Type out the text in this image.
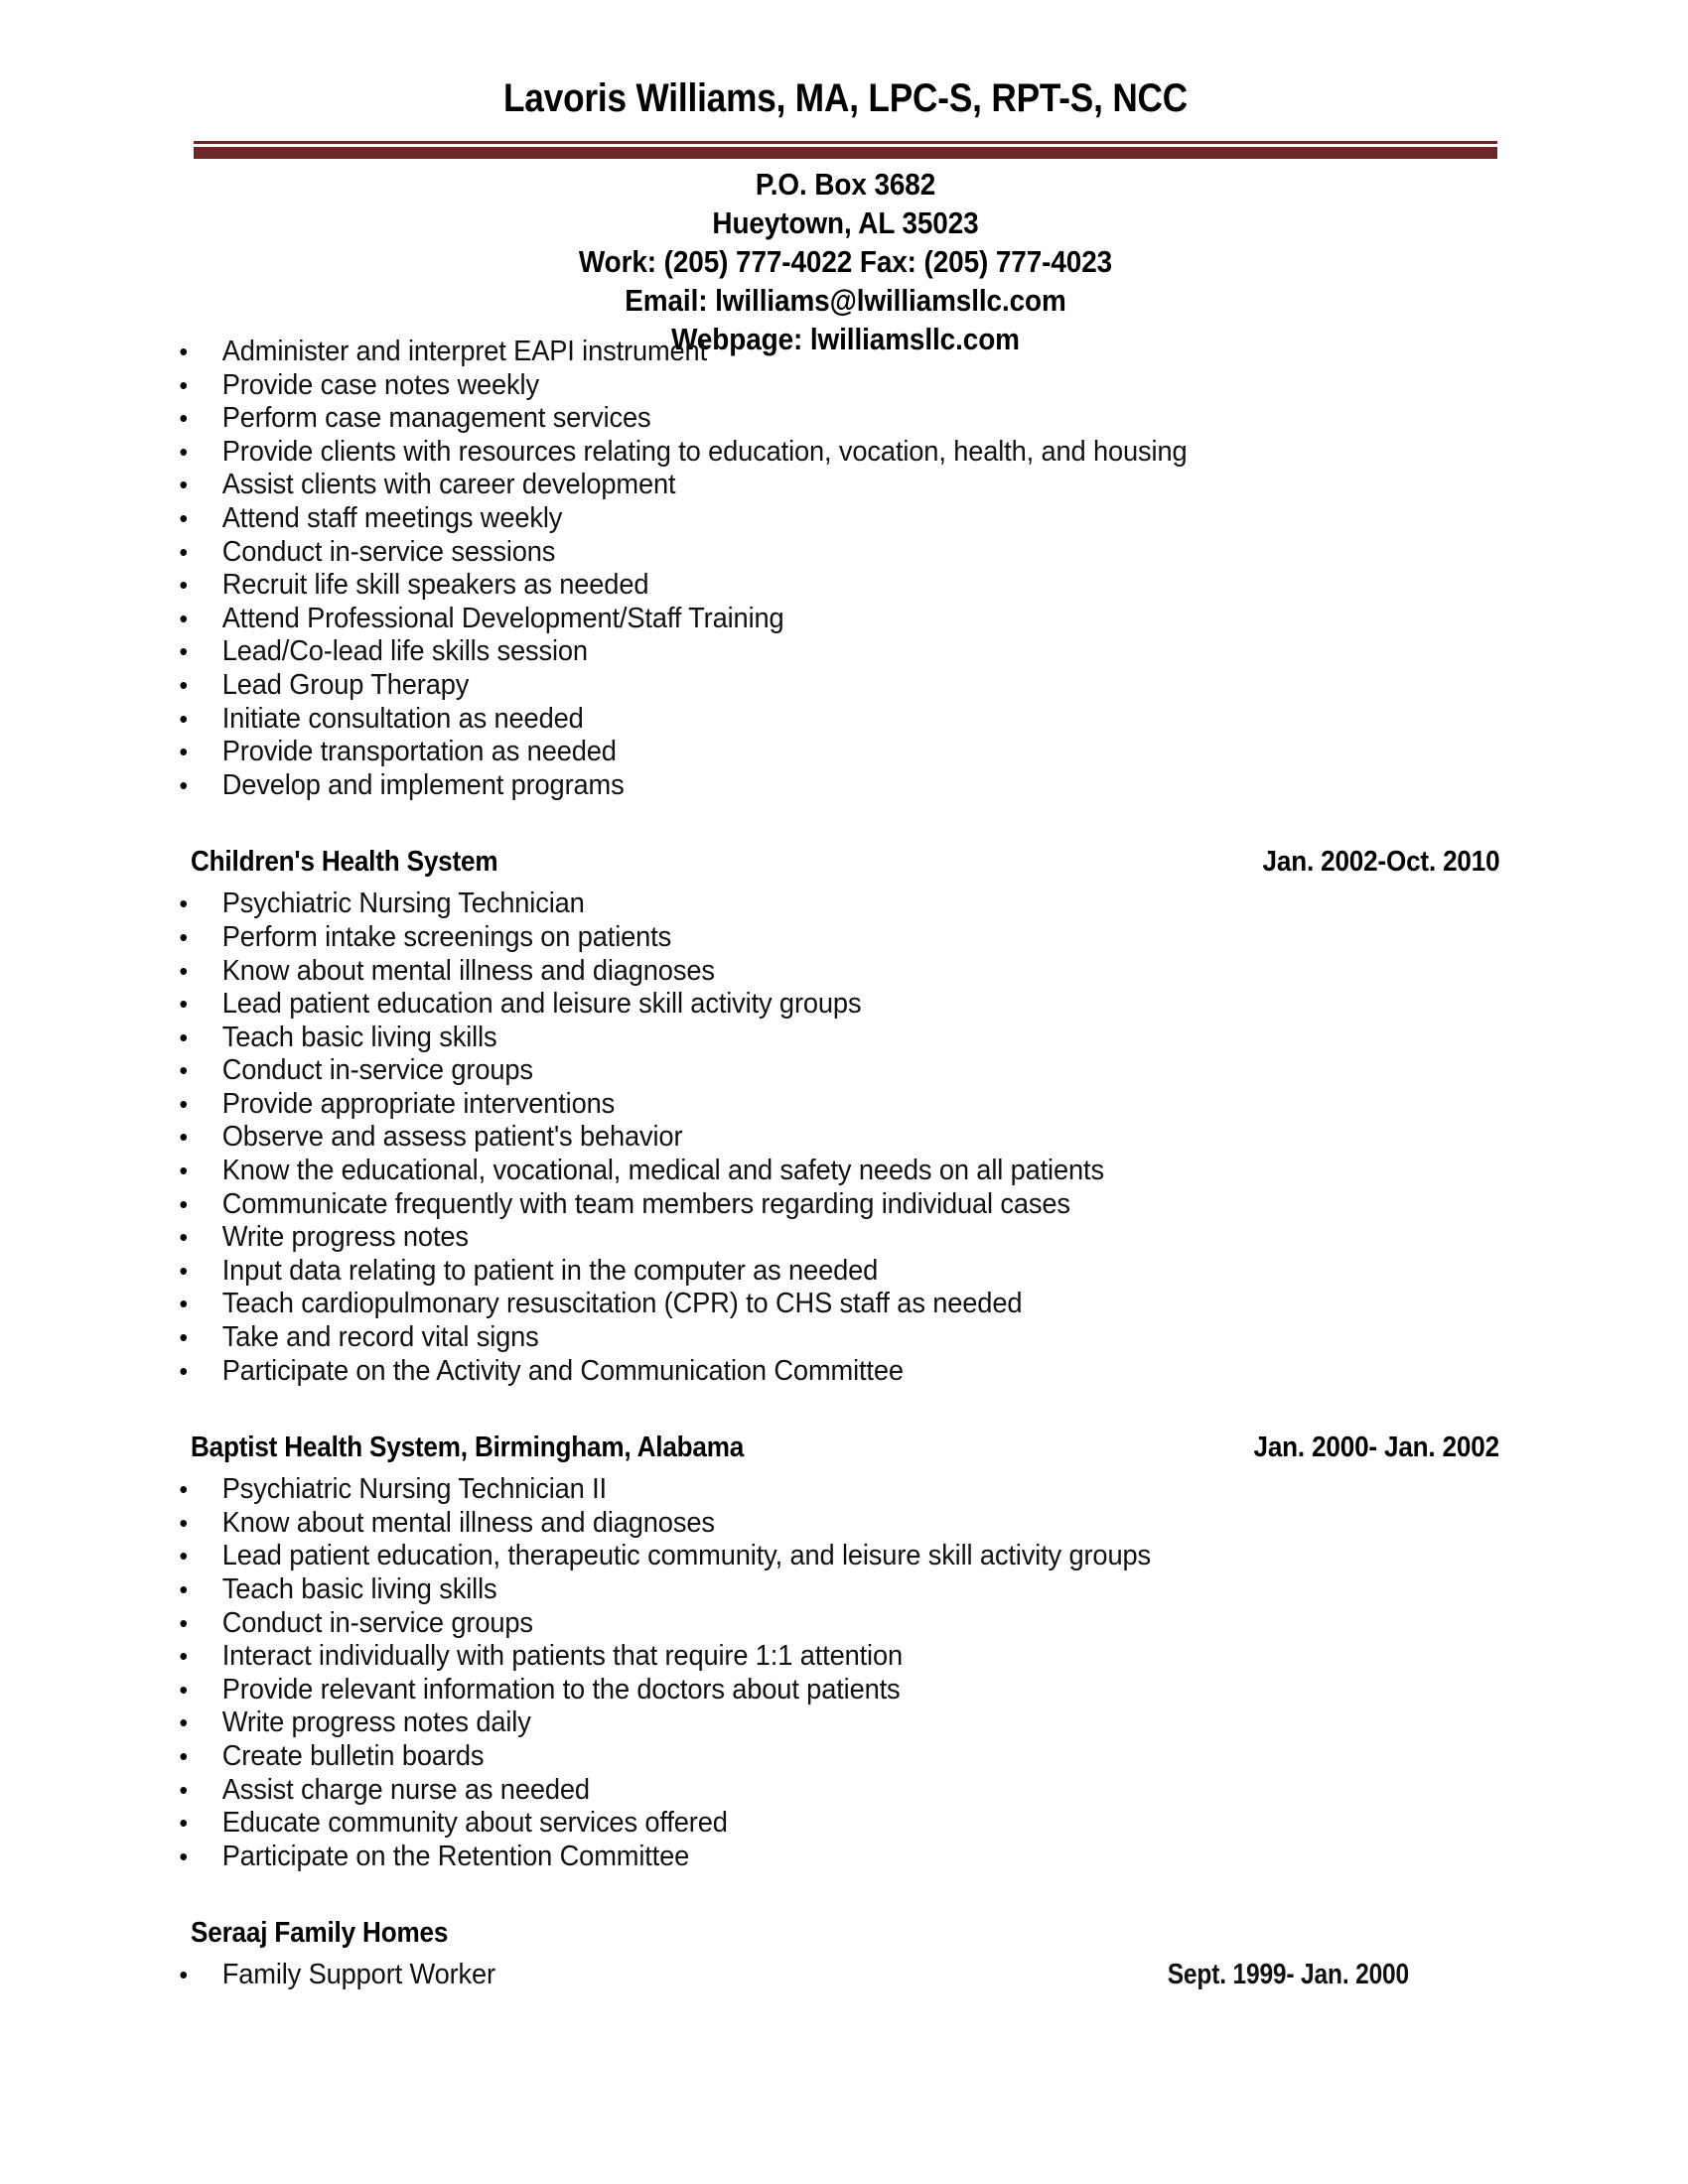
Lavoris Williams, MA, LPC-S, RPT-S, NCC
P.O. Box 3682
Hueytown, AL 35023
Work: (205) 777-4022 Fax: (205) 777-4023
Email: lwilliams@lwilliamsllc.com
Webpage: lwilliamsllc.com
• Administer and interpret EAPI instrument
• Provide case notes weekly
• Perform case management services
• Provide clients with resources relating to education, vocation, health, and housing
• Assist clients with career development
• Attend staff meetings weekly
• Conduct in-service sessions
• Recruit life skill speakers as needed
• Attend Professional Development/Staff Training
• Lead/Co-lead life skills session
• Lead Group Therapy
• Initiate consultation as needed
• Provide transportation as needed
• Develop and implement programs
Children's Health System	Jan. 2002-Oct. 2010
• Psychiatric Nursing Technician
• Perform intake screenings on patients
• Know about mental illness and diagnoses
• Lead patient education and leisure skill activity groups
• Teach basic living skills
• Conduct in-service groups
• Provide appropriate interventions
• Observe and assess patient's behavior
• Know the educational, vocational, medical and safety needs on all patients
• Communicate frequently with team members regarding individual cases
• Write progress notes
• Input data relating to patient in the computer as needed
• Teach cardiopulmonary resuscitation (CPR) to CHS staff as needed
• Take and record vital signs
• Participate on the Activity and Communication Committee
Baptist Health System, Birmingham, Alabama	Jan. 2000- Jan. 2002
• Psychiatric Nursing Technician II
• Know about mental illness and diagnoses
• Lead patient education, therapeutic community, and leisure skill activity groups
• Teach basic living skills
• Conduct in-service groups
• Interact individually with patients that require 1:1 attention
• Provide relevant information to the doctors about patients
• Write progress notes daily
• Create bulletin boards
• Assist charge nurse as needed
• Educate community about services offered
• Participate on the Retention Committee
Seraaj Family Homes
• Family Support Worker	Sept. 1999- Jan. 2000
